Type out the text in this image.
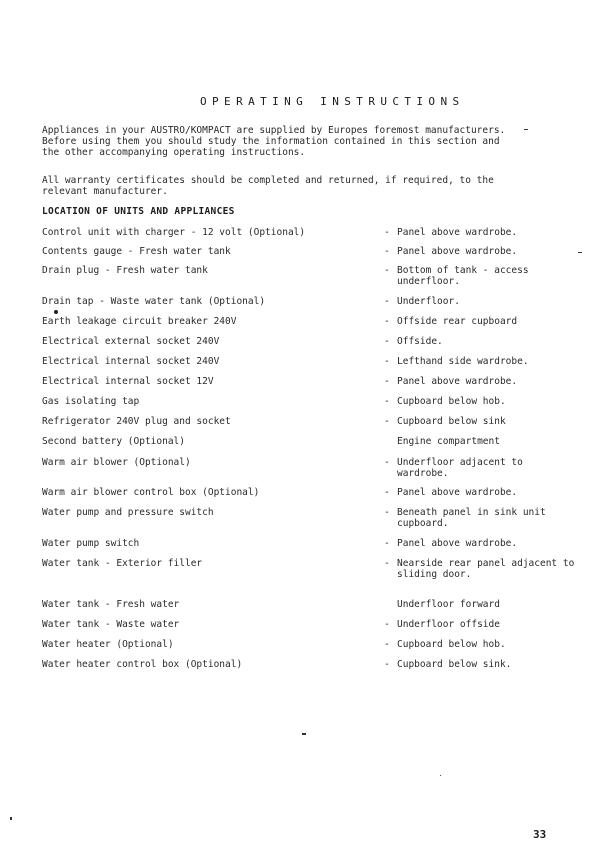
OPERATING INSTRUCTIONS
Appliances in your AUSTRO/KOMPACT are supplied by Europes foremost manufacturers.  Before using them you should study the information contained in this section and the other accompanying operating instructions.
All warranty certificates should be completed and returned, if required, to the relevant manufacturer.
LOCATION OF UNITS AND APPLIANCES
Control unit with charger - 12 volt (Optional)	- Panel above wardrobe.
Contents gauge - Fresh water tank	- Panel above wardrobe.
Drain plug - Fresh water tank	- Bottom of tank - access underfloor.
Drain tap - Waste water tank (Optional)	- Underfloor.
Earth leakage circuit breaker 240V	- Offside rear cupboard
Electrical external socket 240V	- Offside.
Electrical internal socket 240V	- Lefthand side wardrobe.
Electrical internal socket 12V	- Panel above wardrobe.
Gas isolating tap	- Cupboard below hob.
Refrigerator 240V plug and socket	- Cupboard below sink
Second battery (Optional)	Engine compartment
Warm air blower (Optional)	- Underfloor adjacent to wardrobe.
Warm air blower control box (Optional)	- Panel above wardrobe.
Water pump and pressure switch	- Beneath panel in sink unit cupboard.
Water pump switch	- Panel above wardrobe.
Water tank - Exterior filler	- Nearside rear panel adjacent to sliding door.
Water tank - Fresh water	Underfloor forward
Water tank - Waste water	- Underfloor offside
Water heater (Optional)	- Cupboard below hob.
Water heater control box (Optional)	- Cupboard below sink.
33
